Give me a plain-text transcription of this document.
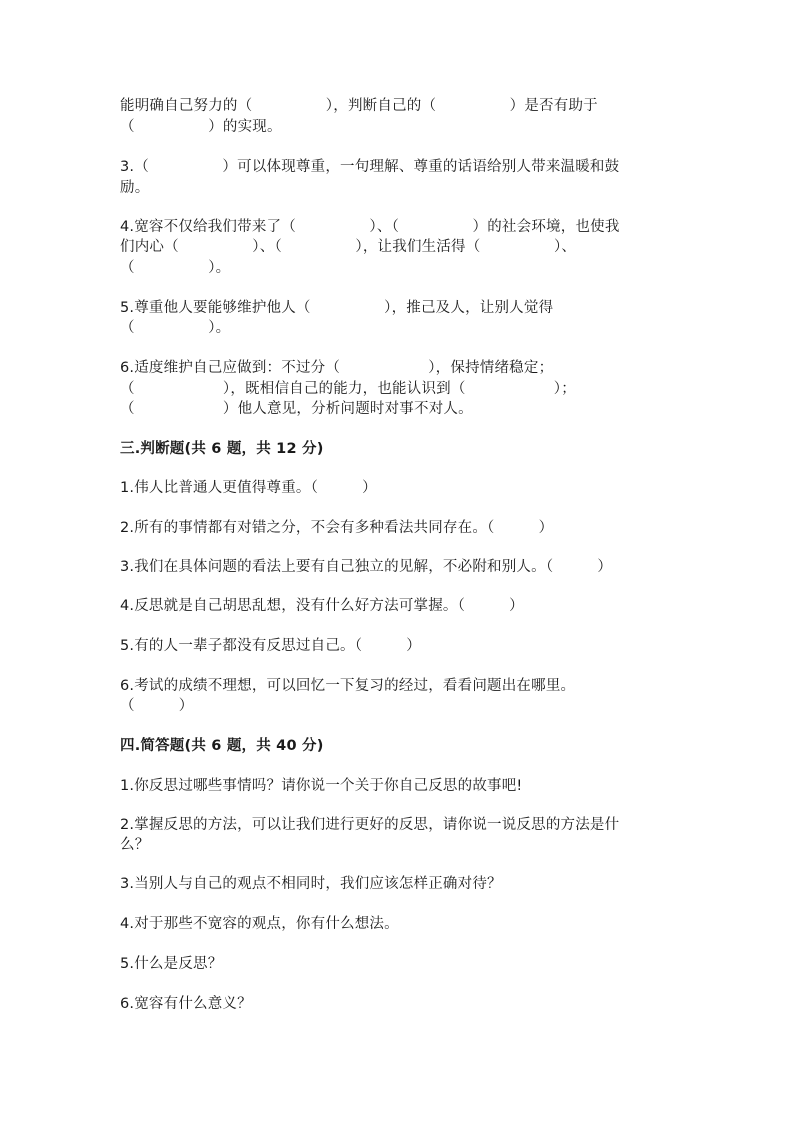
能明确自己努力的（　　　　　），判断自己的（　　　　　）是否有助于
（　　　　　）的实现。
3.（　　　　　）可以体现尊重，一句理解、尊重的话语给别人带来温暖和鼓
励。
4.宽容不仅给我们带来了（　　　　　）、（　　　　　）的社会环境，也使我
们内心（　　　　　）、（　　　　　），让我们生活得（　　　　　）、
（　　　　　）。
5.尊重他人要能够维护他人（　　　　　），推己及人，让别人觉得
（　　　　　）。
6.适度维护自己应做到：不过分（　　　　　　），保持情绪稳定；
（　　　　　　），既相信自己的能力，也能认识到（　　　　　　）；
（　　　　　　）他人意见，分析问题时对事不对人。
三.判断题(共 6 题，共 12 分)
1.伟人比普通人更值得尊重。（　　　）
2.所有的事情都有对错之分，不会有多种看法共同存在。（　　　）
3.我们在具体问题的看法上要有自己独立的见解，不必附和别人。（　　　）
4.反思就是自己胡思乱想，没有什么好方法可掌握。（　　　）
5.有的人一辈子都没有反思过自己。（　　　）
6.考试的成绩不理想，可以回忆一下复习的经过，看看问题出在哪里。
（　　　）
四.简答题(共 6 题，共 40 分)
1.你反思过哪些事情吗？请你说一个关于你自己反思的故事吧!
2.掌握反思的方法，可以让我们进行更好的反思，请你说一说反思的方法是什
么？
3.当别人与自己的观点不相同时，我们应该怎样正确对待？
4.对于那些不宽容的观点，你有什么想法。
5.什么是反思？
6.宽容有什么意义？
